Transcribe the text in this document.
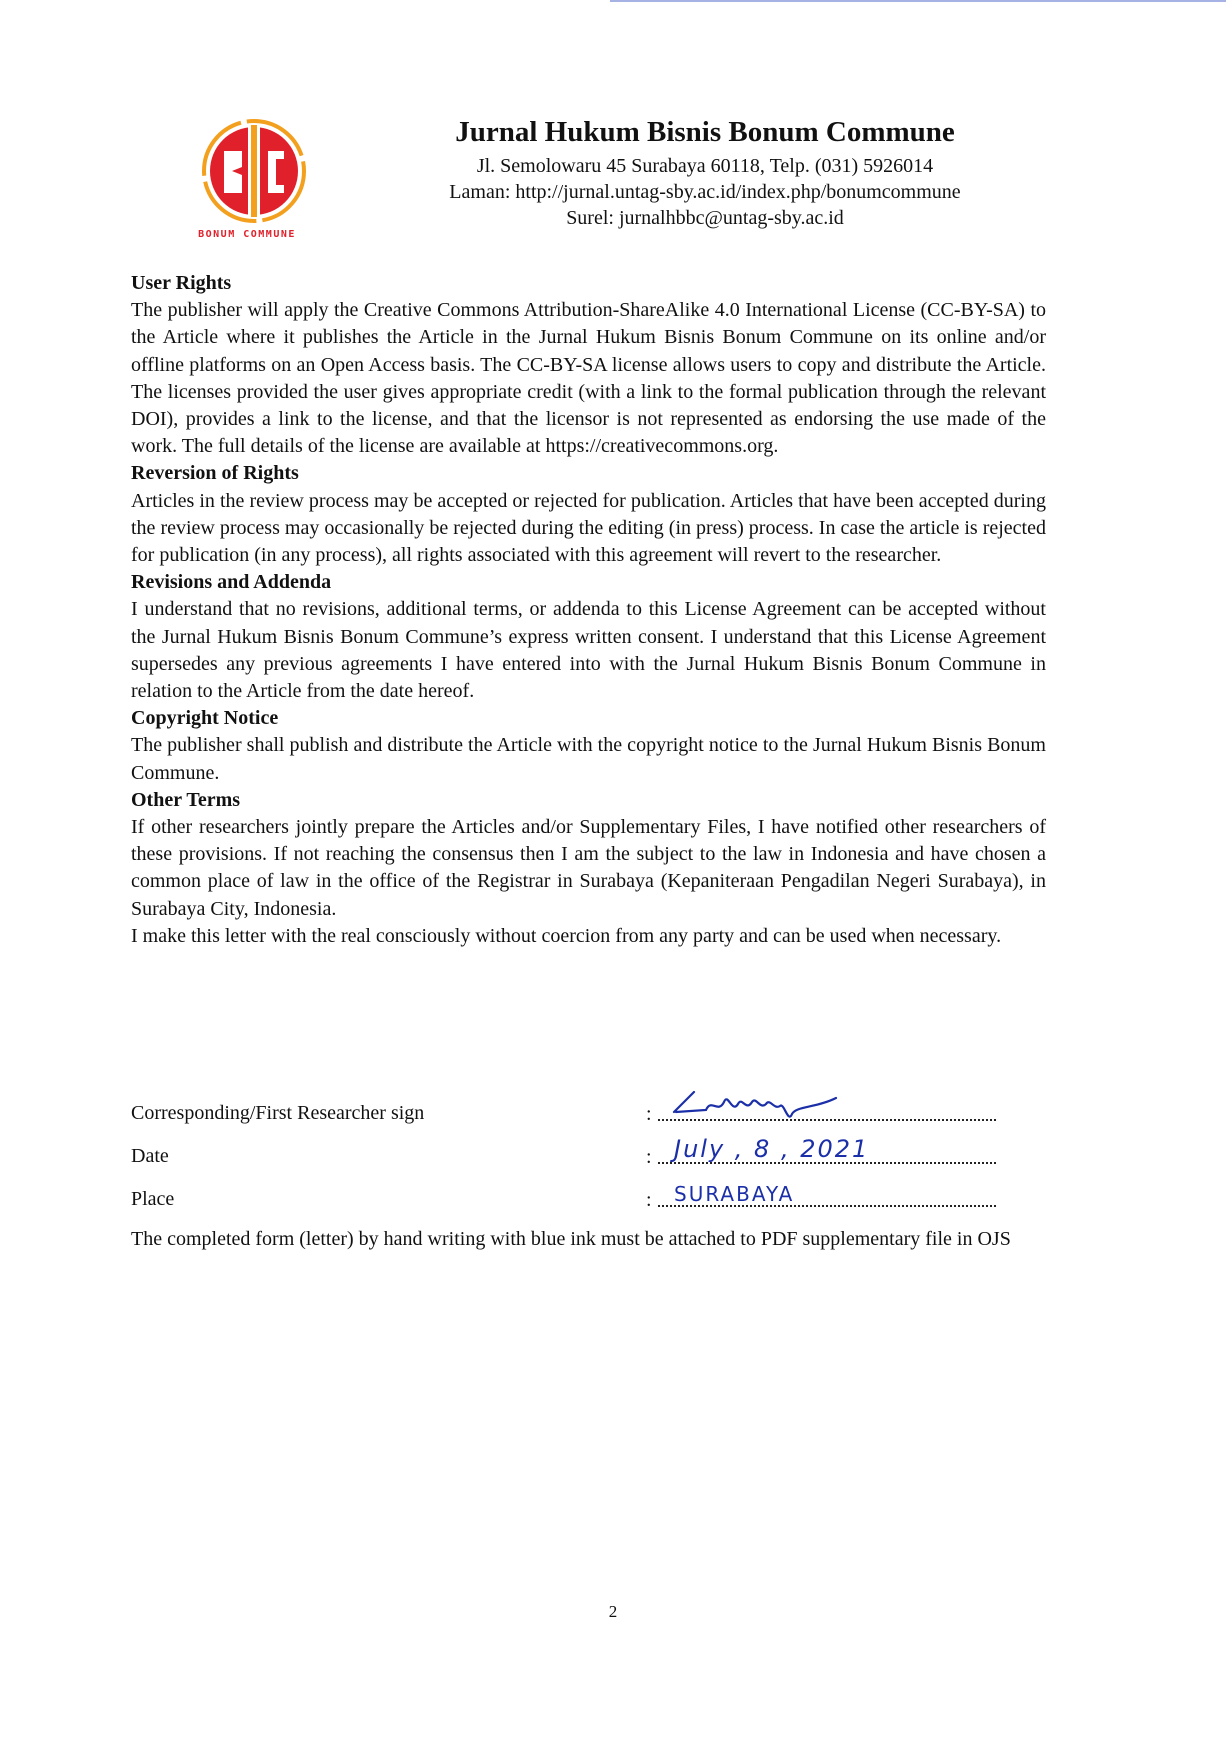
BONUM COMMUNE
Jurnal Hukum Bisnis Bonum Commune
Jl. Semolowaru 45 Surabaya 60118, Telp. (031) 5926014
Laman: http://jurnal.untag-sby.ac.id/index.php/bonumcommune
Surel: jurnalhbbc@untag-sby.ac.id
User Rights

The publisher will apply the Creative Commons Attribution-ShareAlike 4.0 International License (CC-BY-SA) to the Article where it publishes the Article in the Jurnal Hukum Bisnis Bonum Commune on its online and/or offline platforms on an Open Access basis. The CC-BY-SA license allows users to copy and distribute the Article. The licenses provided the user gives appropriate credit (with a link to the formal publication through the relevant DOI), provides a link to the license, and that the licensor is not represented as endorsing the use made of the work. The full details of the license are available at https://creativecommons.org.

Reversion of Rights

Articles in the review process may be accepted or rejected for publication. Articles that have been accepted during the review process may occasionally be rejected during the editing (in press) process. In case the article is rejected for publication (in any process), all rights associated with this agreement will revert to the researcher.

Revisions and Addenda

I understand that no revisions, additional terms, or addenda to this License Agreement can be accepted without the Jurnal Hukum Bisnis Bonum Commune’s express written consent. I understand that this License Agreement supersedes any previous agreements I have entered into with the Jurnal Hukum Bisnis Bonum Commune in relation to the Article from the date hereof.

Copyright Notice

The publisher shall publish and distribute the Article with the copyright notice to the Jurnal Hukum Bisnis Bonum Commune.

Other Terms

If other researchers jointly prepare the Articles and/or Supplementary Files, I have notified other researchers of these provisions. If not reaching the consensus then I am the subject to the law in Indonesia and have chosen a common place of law in the office of the Registrar in Surabaya (Kepaniteraan Pengadilan Negeri Surabaya), in Surabaya City, Indonesia.

I make this letter with the real consciously without coercion from any party and can be used when necessary.

Corresponding/First Researcher sign	:
Date	: July , 8 , 2021
Place	: SURABAYA
The completed form (letter) by hand writing with blue ink must be attached to PDF supplementary file in OJS
2
